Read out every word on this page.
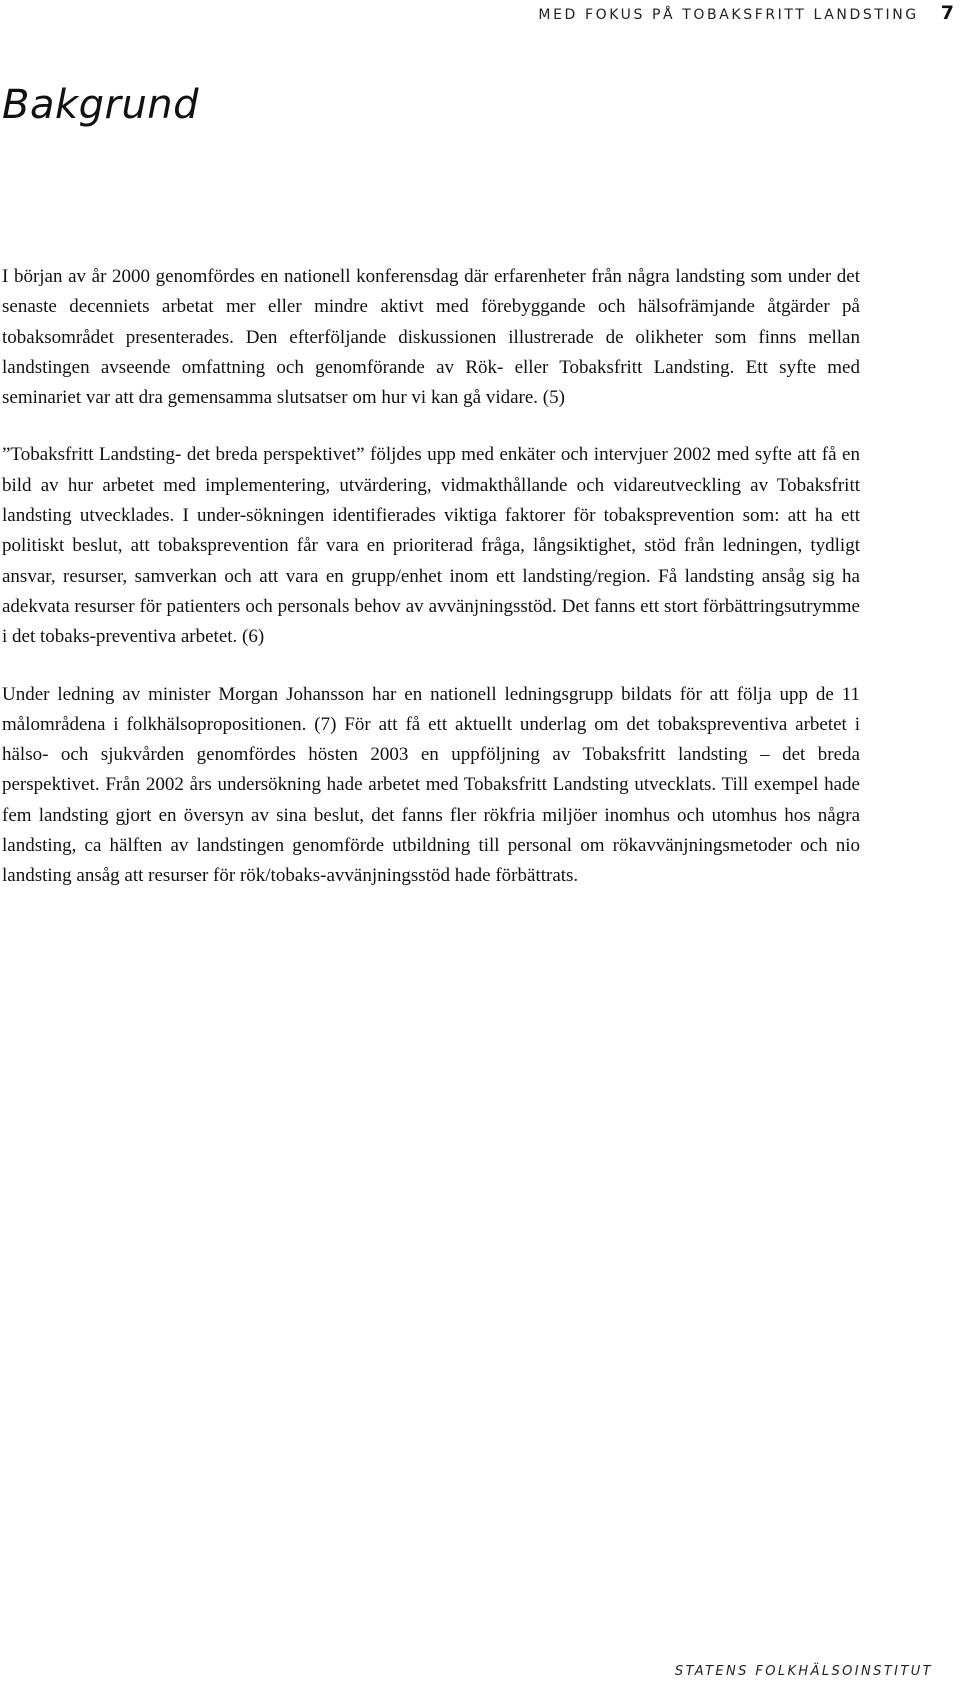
MED FOKUS PÅ TOBAKSFRITT LANDSTING 7
Bakgrund

I början av år 2000 genomfördes en nationell konferensdag där erfarenheter från några landsting som under det senaste decenniets arbetat mer eller mindre aktivt med förebyggande och hälsofrämjande åtgärder på tobaksområdet presenterades. Den efterföljande diskussionen illustrerade de olikheter som finns mellan landstingen avseende omfattning och genomförande av Rök- eller Tobaksfritt Landsting. Ett syfte med seminariet var att dra gemensamma slutsatser om hur vi kan gå vidare. (5)

”Tobaksfritt Landsting- det breda perspektivet” följdes upp med enkäter och intervjuer 2002 med syfte att få en bild av hur arbetet med implementering, utvärdering, vidmakthållande och vidareutveckling av Tobaksfritt landsting utvecklades. I under-sökningen identifierades viktiga faktorer för tobaksprevention som: att ha ett politiskt beslut, att tobaksprevention får vara en prioriterad fråga, långsiktighet, stöd från ledningen, tydligt ansvar, resurser, samverkan och att vara en grupp/enhet inom ett landsting/region. Få landsting ansåg sig ha adekvata resurser för patienters och personals behov av avvänjningsstöd. Det fanns ett stort förbättringsutrymme i det tobaks-preventiva arbetet. (6)

Under ledning av minister Morgan Johansson har en nationell ledningsgrupp bildats för att följa upp de 11 målområdena i folkhälsopropositionen. (7) För att få ett aktuellt underlag om det tobakspreventiva arbetet i hälso- och sjukvården genomfördes hösten 2003 en uppföljning av Tobaksfritt landsting – det breda perspektivet. Från 2002 års undersökning hade arbetet med Tobaksfritt Landsting utvecklats. Till exempel hade fem landsting gjort en översyn av sina beslut, det fanns fler rökfria miljöer inomhus och utomhus hos några landsting, ca hälften av landstingen genomförde utbildning till personal om rökavvänjningsmetoder och nio landsting ansåg att resurser för rök/tobaks-avvänjningsstöd hade förbättrats.

STATENS FOLKHÄLSOINSTITUT
